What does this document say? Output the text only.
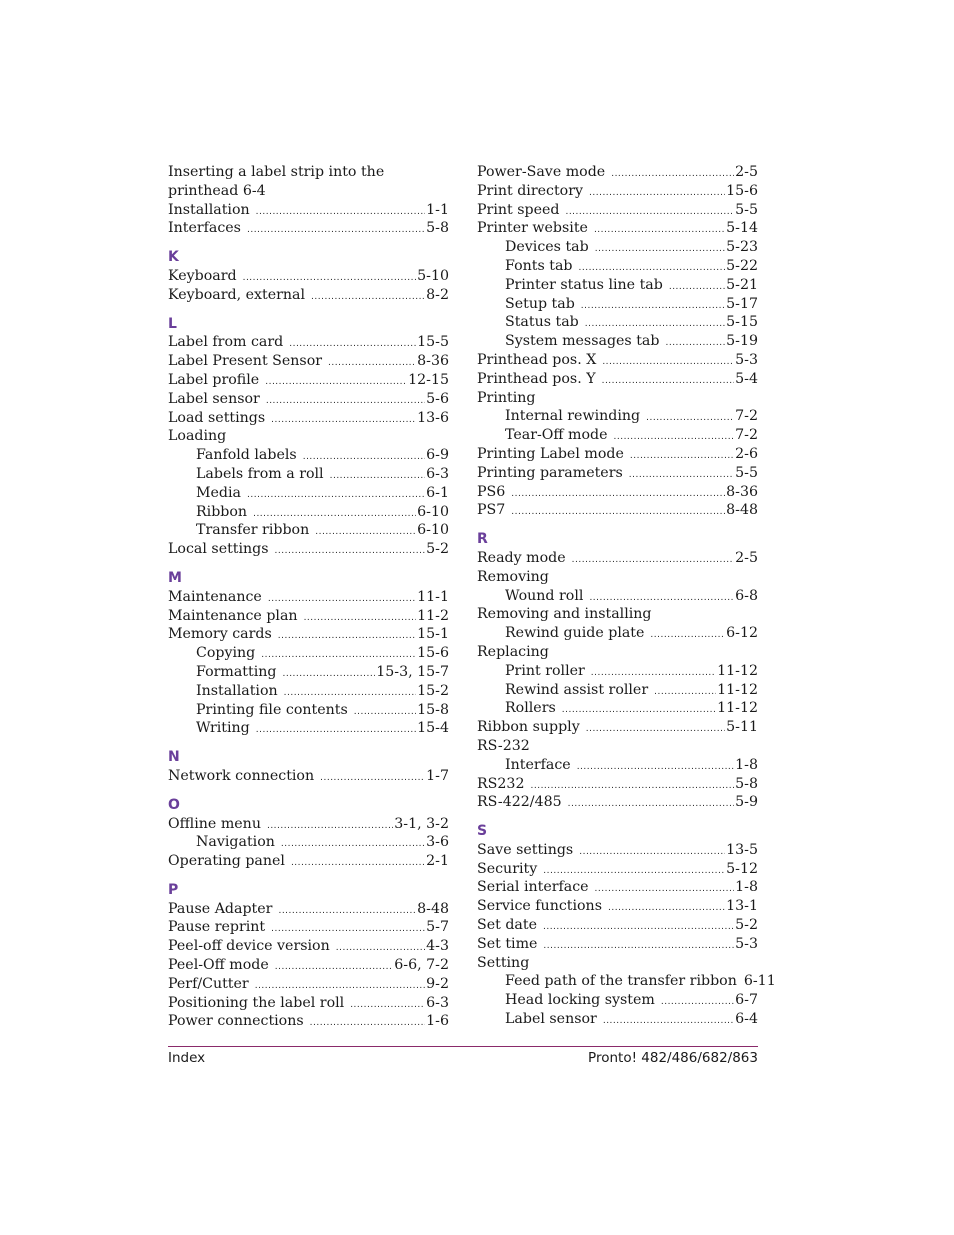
Inserting a label strip into the printhead 6-4
Installation .....	1-1
Interfaces .....	5-8
K
Keyboard .....	5-10
Keyboard, external .....	8-2
L
Label from card .....	15-5
Label Present Sensor .....	8-36
Label profile .....	12-15
Label sensor .....	5-6
Load settings .....	13-6
Loading
Fanfold labels .....	6-9
Labels from a roll .....	6-3
Media .....	6-1
Ribbon .....	6-10
Transfer ribbon .....	6-10
Local settings .....	5-2
M
Maintenance .....	11-1
Maintenance plan .....	11-2
Memory cards .....	15-1
Copying .....	15-6
Formatting .....	15-3, 15-7
Installation .....	15-2
Printing file contents .....	15-8
Writing .....	15-4
N
Network connection .....	1-7
O
Offline menu .....	3-1, 3-2
Navigation .....	3-6
Operating panel .....	2-1
P
Pause Adapter .....	8-48
Pause reprint .....	5-7
Peel-off device version .....	4-3
Peel-Off mode .....	6-6, 7-2
Perf/Cutter .....	9-2
Positioning the label roll .....	6-3
Power connections .....	1-6
Power-Save mode .....	2-5
Print directory .....	15-6
Print speed .....	5-5
Printer website .....	5-14
Devices tab .....	5-23
Fonts tab .....	5-22
Printer status line tab .....	5-21
Setup tab .....	5-17
Status tab .....	5-15
System messages tab .....	5-19
Printhead pos. X .....	5-3
Printhead pos. Y .....	5-4
Printing
Internal rewinding .....	7-2
Tear-Off mode .....	7-2
Printing Label mode .....	2-6
Printing parameters .....	5-5
PS6 .....	8-36
PS7 .....	8-48
R
Ready mode .....	2-5
Removing
Wound roll .....	6-8
Removing and installing
Rewind guide plate .....	6-12
Replacing
Print roller .....	11-12
Rewind assist roller .....	11-12
Rollers .....	11-12
Ribbon supply .....	5-11
RS-232
Interface .....	1-8
RS232 .....	5-8
RS-422/485 .....	5-9
S
Save settings .....	13-5
Security .....	5-12
Serial interface .....	1-8
Service functions .....	13-1
Set date .....	5-2
Set time .....	5-3
Setting
Feed path of the transfer ribbon 6-11
Head locking system .....	6-7
Label sensor .....	6-4
Index	Pronto! 482/486/682/863
